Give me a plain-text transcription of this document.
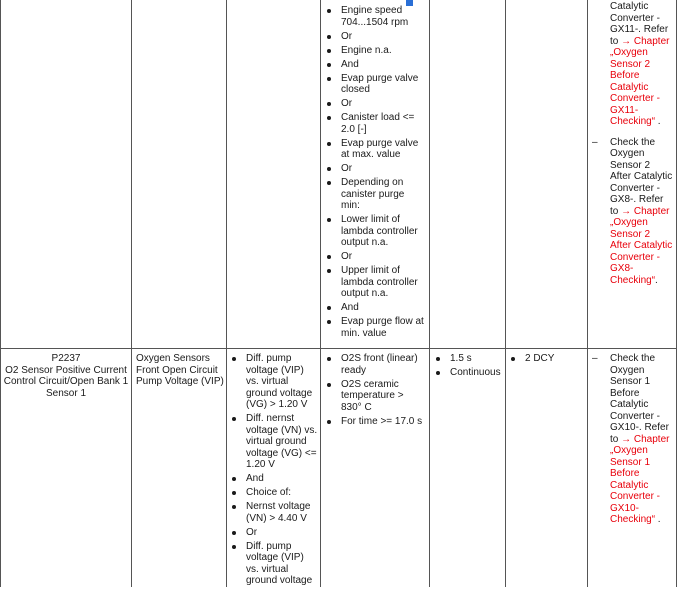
Engine speed 704...1504 rpm
Or
Engine n.a.
And
Evap purge valve closed
Or
Canister load <= 2.0 [-]
Evap purge valve at max. value
Or
Depending on canister purge min:
Lower limit of lambda controller output n.a.
Or
Upper limit of lambda controller output n.a.
And
Evap purge flow at min. value
Catalytic
Converter -
GX11-. Refer
to → Chapter
„Oxygen
Sensor 2
Before
Catalytic
Converter -
GX11-
Checking“ .
– Check the
Oxygen
Sensor 2
After Catalytic
Converter -
GX8-. Refer
to → Chapter
„Oxygen
Sensor 2
After Catalytic
Converter -
GX8-
Checking“.
P2237
O2 Sensor Positive Current Control Circuit/Open Bank 1 Sensor 1
Oxygen Sensors Front Open Circuit Pump Voltage (VIP)
Diff. pump voltage (VIP) vs. virtual ground voltage (VG) > 1.20 V
Diff. nernst voltage (VN) vs. virtual ground voltage (VG) <= 1.20 V
And
Choice of:
Nernst voltage (VN) > 4.40 V
Or
Diff. pump voltage (VIP) vs. virtual ground voltage
O2S front (linear) ready
O2S ceramic temperature > 830° C
For time >= 17.0 s
1.5 s
Continuous
2 DCY	– Check the
Oxygen
Sensor 1
Before
Catalytic
Converter -
GX10-. Refer
to → Chapter
„Oxygen
Sensor 1
Before
Catalytic
Converter -
GX10-
Checking“ .
